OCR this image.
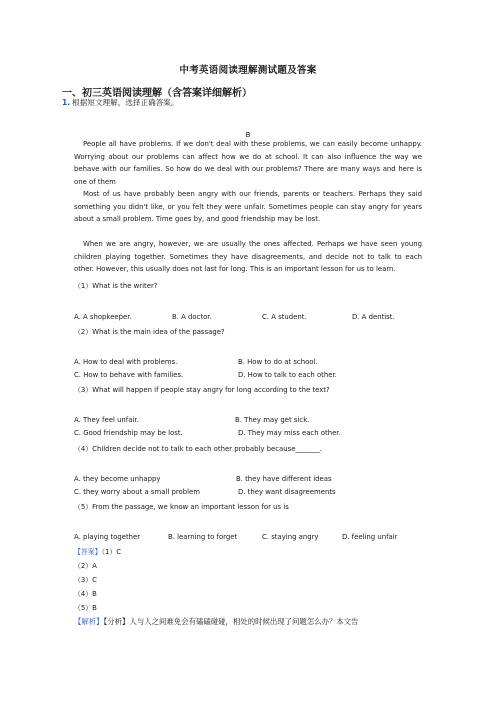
中考英语阅读理解测试题及答案
一、初三英语阅读理解（含答案详细解析）
1. 根据短文理解，选择正确答案。
B

People all have problems. If we don't deal with these problems, we can easily become unhappy. Worrying about our problems can affect how we do at school. It can also influence the way we behave with our families. So how do we deal with our problems? There are many ways and here is one of them

Most of us have probably been angry with our friends, parents or teachers. Perhaps they said something you didn't like, or you felt they were unfair. Sometimes people can stay angry for years about a small problem. Time goes by, and good friendship may be lost.

When we are angry, however, we are usually the ones affected. Perhaps we have seen young children playing together. Sometimes they have disagreements, and decide not to talk to each other. However, this usually does not last for long. This is an important lesson for us to learn.

（1）What is the writer?
A. A shopkeeper.	B. A doctor.	C. A student.	D. A dentist.
（2）What is the main idea of the passage?
A. How to deal with problems.	B. How to do at school.
C. How to behave with families.	D. How to talk to each other.
（3）What will happen if people stay angry for long according to the text?
A. They feel unfair.	B. They may get sick.
C. Good friendship may be lost.	D. They may miss each other.
（4）Children decide not to talk to each other probably because_______.
A. they become unhappy	B. they have different ideas
C. they worry about a small problem	D. they want disagreements
（5）From the passage, we know an important lesson for us is
A. playing together	B. learning to forget	C. staying angry	D. feeling unfair
【答案】（1）C
（2）A
（3）C
（4）B
（5）B
【解析】【分析】人与人之间难免会有磕磕碰碰，相处的时候出现了问题怎么办？本文告
